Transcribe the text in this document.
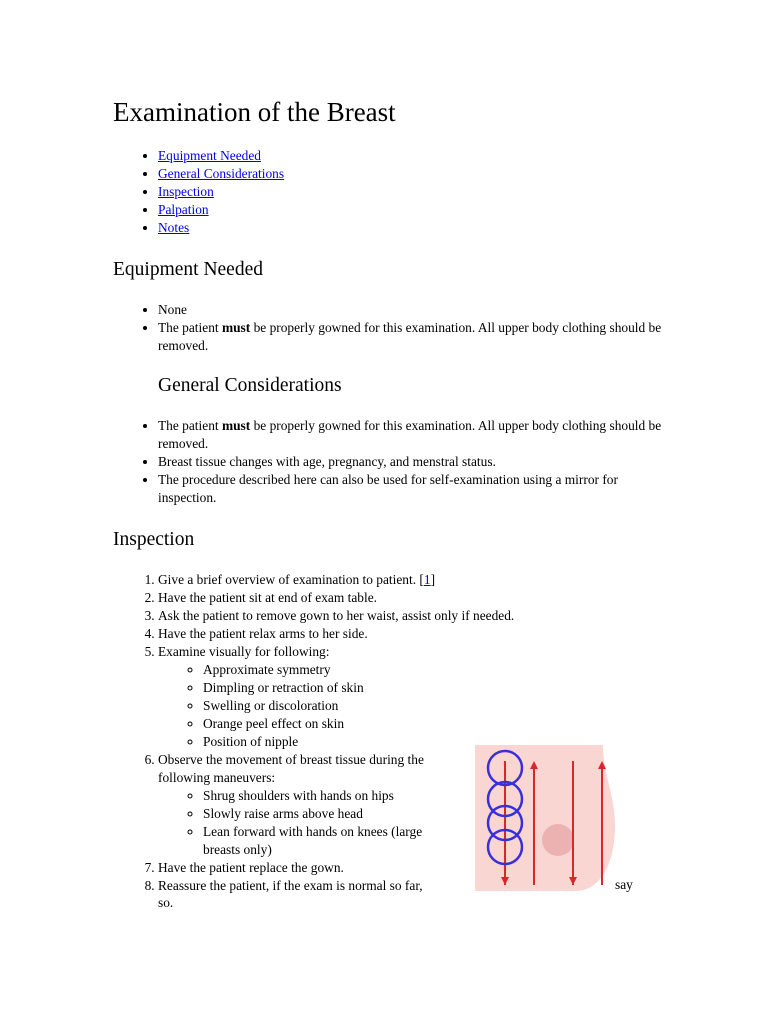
Examination of the Breast
• Equipment Needed
• General Considerations
• Inspection
• Palpation
• Notes
Equipment Needed
• None
• The patient must be properly gowned for this examination. All upper body clothing should be removed.
General Considerations
• The patient must be properly gowned for this examination. All upper body clothing should be removed.
• Breast tissue changes with age, pregnancy, and menstral status.
• The procedure described here can also be used for self-examination using a mirror for inspection.
Inspection
1. Give a brief overview of examination to patient. [1]
2. Have the patient sit at end of exam table.
3. Ask the patient to remove gown to her waist, assist only if needed.
4. Have the patient relax arms to her side.
5. Examine visually for following:
◦ Approximate symmetry
◦ Dimpling or retraction of skin
◦ Swelling or discoloration
◦ Orange peel effect on skin
◦ Position of nipple
6. Observe the movement of breast tissue during the following maneuvers:
◦ Shrug shoulders with hands on hips
◦ Slowly raise arms above head
◦ Lean forward with hands on knees (large breasts only)
7. Have the patient replace the gown.
8. Reassure the patient, if the exam is normal so far,	say
so.
